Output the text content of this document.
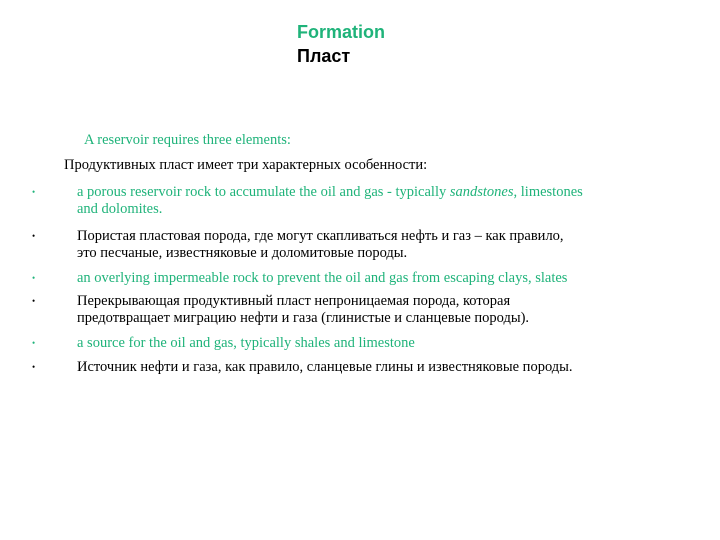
Formation
Пласт
A reservoir requires three elements:
Продуктивных пласт имеет три характерных особенности:
•	a porous reservoir rock to accumulate the oil and gas - typically sandstones, limestones
and dolomites.
•	Пористая пластовая порода, где могут скапливаться нефть и газ – как правило,
это песчаные, известняковые и доломитовые породы.
•	an overlying impermeable rock to prevent the oil and gas from escaping clays, slates
•	Перекрывающая продуктивный пласт непроницаемая порода, которая
предотвращает миграцию нефти и газа (глинистые и сланцевые породы).
•	a source for the oil and gas, typically shales and limestone
•	Источник нефти и газа, как правило, сланцевые глины и известняковые породы.
